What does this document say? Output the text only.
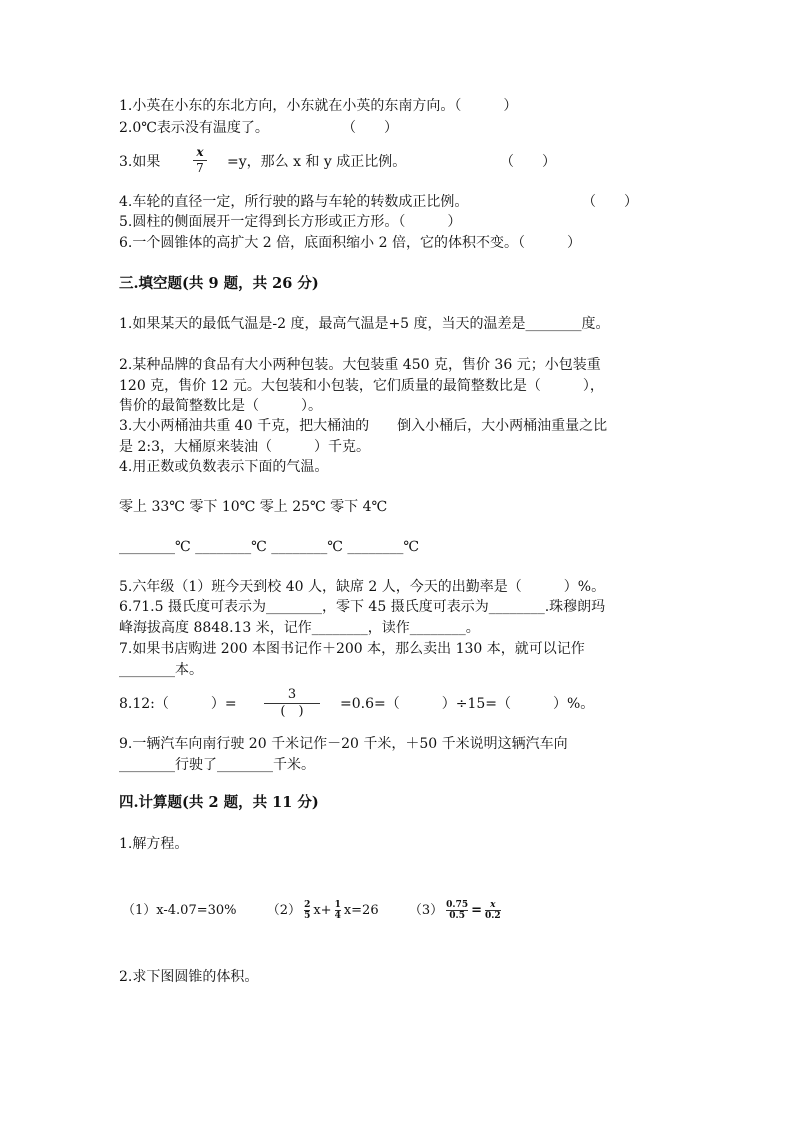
1.小英在小东的东北方向，小东就在小英的东南方向。（　　　）
2.0℃表示没有温度了。	（　　）
3.如果
x
7 =y，那么 x 和 y 成正比例。	（　　）
4.车轮的直径一定，所行驶的路与车轮的转数成正比例。	（　　）
5.圆柱的侧面展开一定得到长方形或正方形。（　　　）
6.一个圆锥体的高扩大 2 倍，底面积缩小 2 倍，它的体积不变。（　　　）
三.填空题(共 9 题，共 26 分)
1.如果某天的最低气温是-2 度，最高气温是+5 度，当天的温差是________度。
2.某种品牌的食品有大小两种包装。大包装重 450 克，售价 36 元；小包装重
120 克，售价 12 元。大包装和小包装，它们质量的最简整数比是（　　　），
售价的最简整数比是（　　　）。
3.大小两桶油共重 40 千克，把大桶油的　　倒入小桶后，大小两桶油重量之比
是 2:3，大桶原来装油（　　　）千克。
4.用正数或负数表示下面的气温。
零上 33℃ 零下 10℃ 零上 25℃ 零下 4℃
________℃ ________℃ ________℃ ________℃
5.六年级（1）班今天到校 40 人，缺席 2 人，今天的出勤率是（　　　）%。
6.71.5 摄氏度可表示为________，零下 45 摄氏度可表示为________.珠穆朗玛
峰海拔高度 8848.13 米，记作________，读作________。
7.如果书店购进 200 本图书记作＋200 本，那么卖出 130 本，就可以记作
________本。
8.12:（　　　）=
3
(　)	=0.6=（　　　）÷15=（　　　）%。
9.一辆汽车向南行驶 20 千米记作－20 千米，＋50 千米说明这辆汽车向
________行驶了________千米。
四.计算题(共 2 题，共 11 分)
1.解方程。
（1）x-4.07=30% $(2) \frac{2}{5} x+ \frac{1}{4} x=26$ $(3) \frac{0.75}{0.5} = \frac{x}{0.2}$
2.求下图圆锥的体积。
